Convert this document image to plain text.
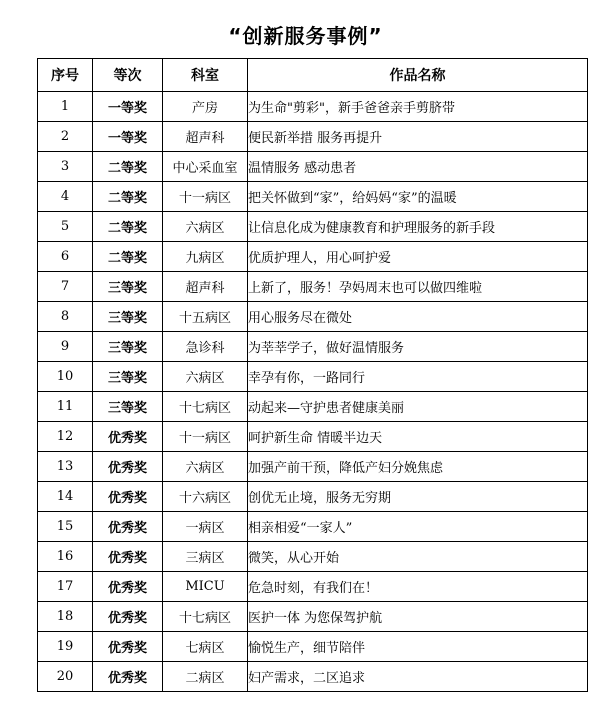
“创新服务事例”
序号	等次	科室	作品名称
1	一等奖	产房	为生命"剪彩"，新手爸爸亲手剪脐带
2	一等奖	超声科	便民新举措 服务再提升
3	二等奖	中心采血室	温情服务 感动患者
4	二等奖	十一病区	把关怀做到“家”，给妈妈“家”的温暖
5	二等奖	六病区	让信息化成为健康教育和护理服务的新手段
6	二等奖	九病区	优质护理人，用心呵护爱
7	三等奖	超声科	上新了，服务！孕妈周末也可以做四维啦
8	三等奖	十五病区	用心服务尽在微处
9	三等奖	急诊科	为莘莘学子，做好温情服务
10	三等奖	六病区	幸孕有你，一路同行
11	三等奖	十七病区	动起来—守护患者健康美丽
12	优秀奖	十一病区	呵护新生命 情暖半边天
13	优秀奖	六病区	加强产前干预，降低产妇分娩焦虑
14	优秀奖	十六病区	创优无止境，服务无穷期
15	优秀奖	一病区	相亲相爱“一家人”
16	优秀奖	三病区	微笑，从心开始
17	优秀奖	MICU	危急时刻，有我们在！
18	优秀奖	十七病区	医护一体 为您保驾护航
19	优秀奖	七病区	愉悦生产，细节陪伴
20	优秀奖	二病区	妇产需求，二区追求
